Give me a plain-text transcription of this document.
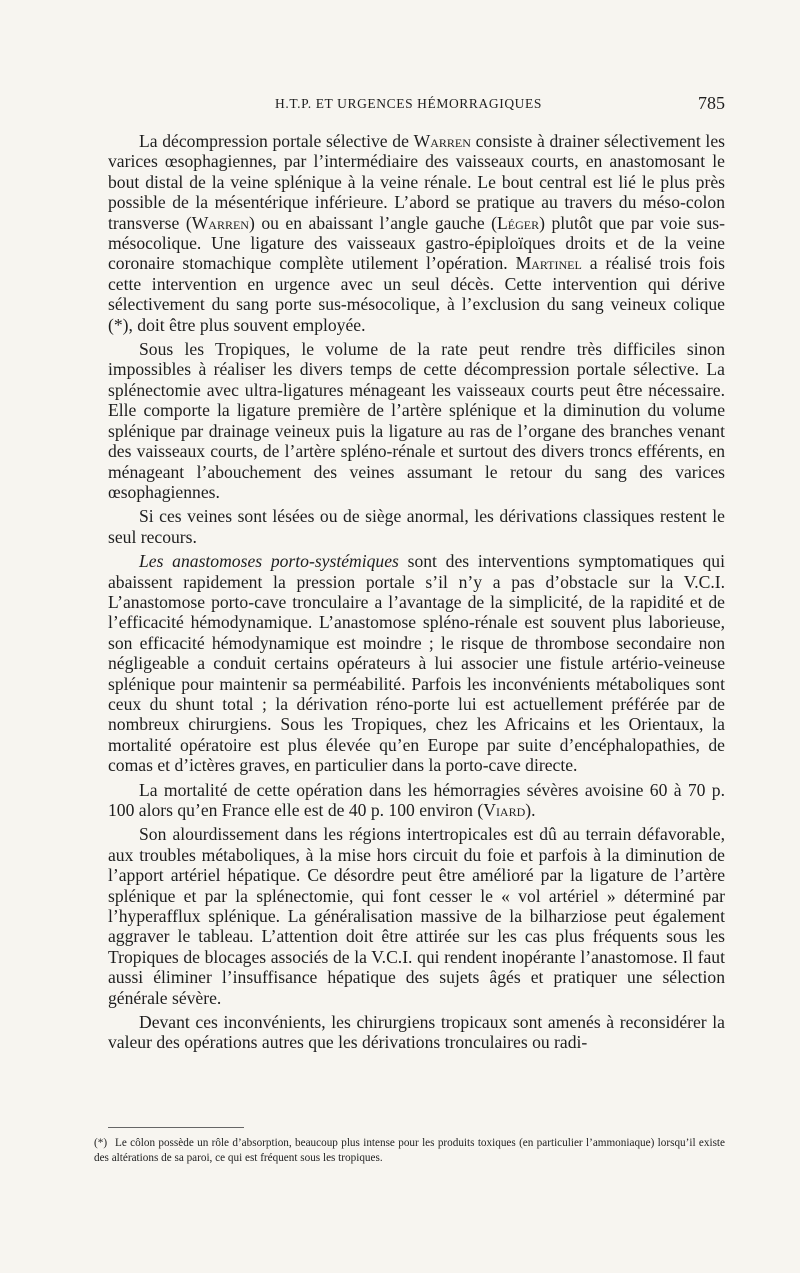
H.T.P. ET URGENCES HÉMORRAGIQUES	785

La décompression portale sélective de Warren consiste à drainer sélectivement les varices œsophagiennes, par l’intermédiaire des vaisseaux courts, en anastomosant le bout distal de la veine splénique à la veine rénale. Le bout central est lié le plus près possible de la mésentérique inférieure. L’abord se pratique au travers du méso-colon transverse (Warren) ou en abaissant l’angle gauche (Léger) plutôt que par voie sus-mésocolique. Une ligature des vaisseaux gastro-épiploïques droits et de la veine coronaire stomachique complète utilement l’opération. Martinel a réalisé trois fois cette intervention en urgence avec un seul décès. Cette intervention qui dérive sélectivement du sang porte sus-mésocolique, à l’exclusion du sang veineux colique (*), doit être plus souvent employée.

Sous les Tropiques, le volume de la rate peut rendre très difficiles sinon impossibles à réaliser les divers temps de cette décompression portale sélective. La splénectomie avec ultra-ligatures ménageant les vaisseaux courts peut être nécessaire. Elle comporte la ligature première de l’artère splénique et la diminution du volume splénique par drainage veineux puis la ligature au ras de l’organe des branches venant des vaisseaux courts, de l’artère spléno-rénale et surtout des divers troncs efférents, en ménageant l’abouchement des veines assumant le retour du sang des varices œsophagiennes.

Si ces veines sont lésées ou de siège anormal, les dérivations classiques restent le seul recours.

Les anastomoses porto-systémiques sont des interventions symptomatiques qui abaissent rapidement la pression portale s’il n’y a pas d’obstacle sur la V.C.I. L’anastomose porto-cave tronculaire a l’avantage de la simplicité, de la rapidité et de l’efficacité hémodynamique. L’anastomose spléno-rénale est souvent plus laborieuse, son efficacité hémodynamique est moindre ; le risque de thrombose secondaire non négligeable a conduit certains opérateurs à lui associer une fistule artério-veineuse splénique pour maintenir sa perméabilité. Parfois les inconvénients métaboliques sont ceux du shunt total ; la dérivation réno-porte lui est actuellement préférée par de nombreux chirurgiens. Sous les Tropiques, chez les Africains et les Orientaux, la mortalité opératoire est plus élevée qu’en Europe par suite d’encéphalopathies, de comas et d’ictères graves, en particulier dans la porto-cave directe.

La mortalité de cette opération dans les hémorragies sévères avoisine 60 à 70 p. 100 alors qu’en France elle est de 40 p. 100 environ (Viard).

Son alourdissement dans les régions intertropicales est dû au terrain défavorable, aux troubles métaboliques, à la mise hors circuit du foie et parfois à la diminution de l’apport artériel hépatique. Ce désordre peut être amélioré par la ligature de l’artère splénique et par la splénectomie, qui font cesser le « vol artériel » déterminé par l’hyperafflux splénique. La généralisation massive de la bilharziose peut également aggraver le tableau. L’attention doit être attirée sur les cas plus fréquents sous les Tropiques de blocages associés de la V.C.I. qui rendent inopérante l’anastomose. Il faut aussi éliminer l’insuffisance hépatique des sujets âgés et pratiquer une sélection générale sévère.

Devant ces inconvénients, les chirurgiens tropicaux sont amenés à reconsidérer la valeur des opérations autres que les dérivations tronculaires ou radi-

(*) Le côlon possède un rôle d’absorption, beaucoup plus intense pour les produits toxiques (en particulier l’ammoniaque) lorsqu’il existe des altérations de sa paroi, ce qui est fréquent sous les tropiques.
